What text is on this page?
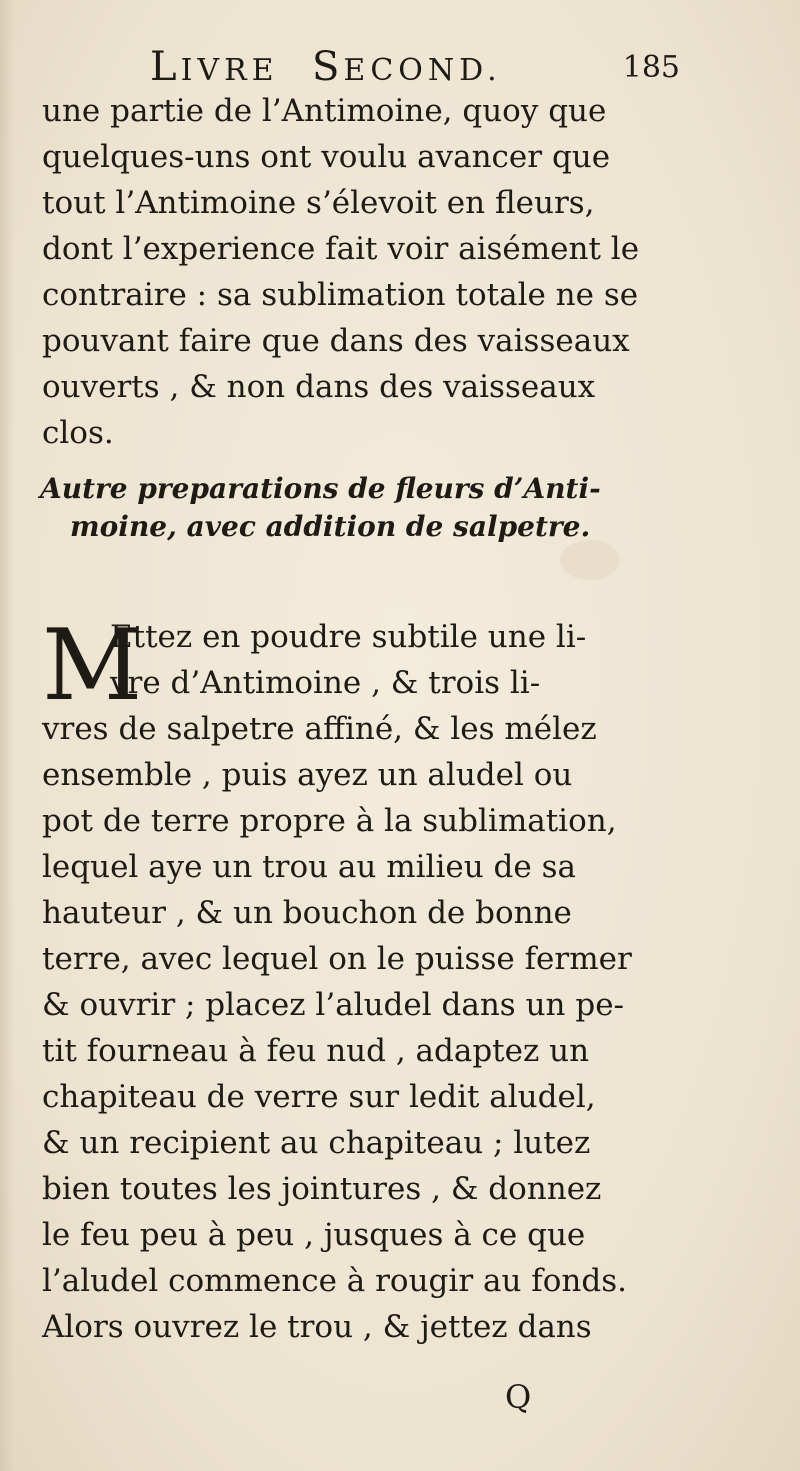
LIVRE SECOND.	185
une partie de l’Antimoine, quoy que
quelques-uns ont voulu avancer que
tout l’Antimoine s’élevoit en fleurs,
dont l’experience fait voir aisément le
contraire : sa sublimation totale ne se
pouvant faire que dans des vaisseaux
ouverts , & non dans des vaisseaux
clos.
Autre preparations de fleurs d’Anti-
moine, avec addition de salpetre.
M
Ettez en poudre subtile une li-
vre d’Antimoine , & trois li-
vres de salpetre affiné, & les mélez
ensemble , puis ayez un aludel ou
pot de terre propre à la sublimation,
lequel aye un trou au milieu de sa
hauteur , & un bouchon de bonne
terre, avec lequel on le puisse fermer
& ouvrir ; placez l’aludel dans un pe-
tit fourneau à feu nud , adaptez un
chapiteau de verre sur ledit aludel,
& un recipient au chapiteau ; lutez
bien toutes les jointures , & donnez
le feu peu à peu , jusques à ce que
l’aludel commence à rougir au fonds.
Alors ouvrez le trou , & jettez dans
Q
